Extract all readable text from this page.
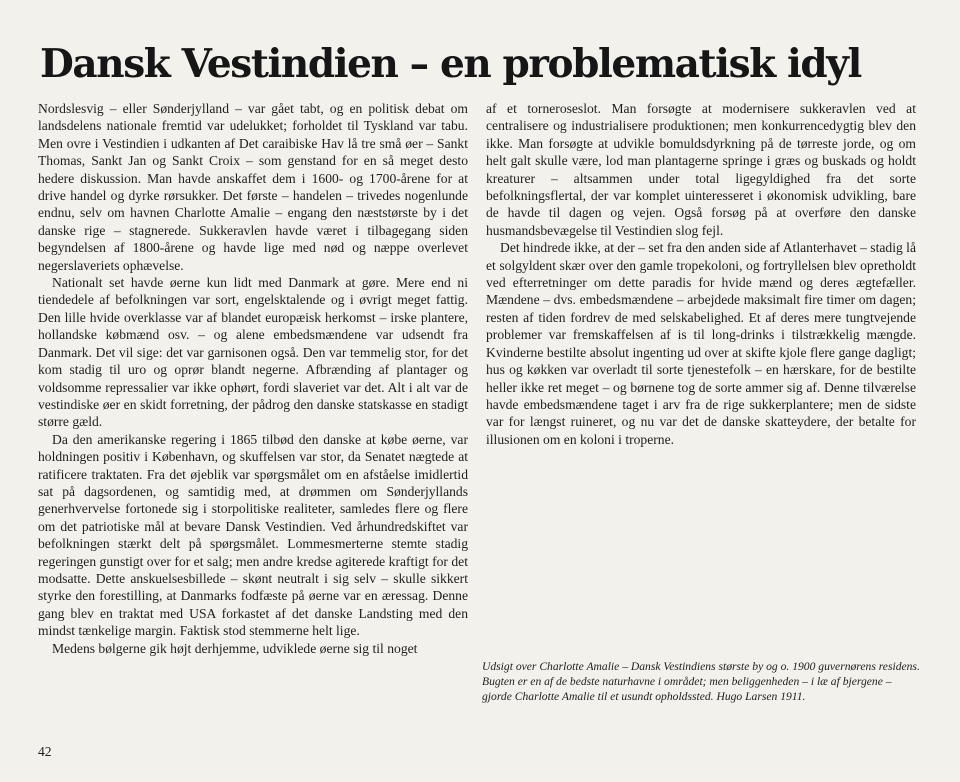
Dansk Vestindien – en problematisk idyl

Nordslesvig – eller Sønderjylland – var gået tabt, og en politisk debat om landsdelens nationale fremtid var udelukket; forholdet til Tyskland var tabu. Men ovre i Vestindien i udkanten af Det caraibiske Hav lå tre små øer – Sankt Thomas, Sankt Jan og Sankt Croix – som genstand for en så meget desto hedere diskussion. Man havde anskaffet dem i 1600- og 1700-årene for at drive handel og dyrke rørsukker. Det første – handelen – trivedes nogenlunde endnu, selv om havnen Charlotte Amalie – engang den næststørste by i det danske rige – stagnerede. Sukkeravlen havde været i tilbagegang siden begyndelsen af 1800-årene og havde lige med nød og næppe overlevet negerslaveriets ophævelse.

Nationalt set havde øerne kun lidt med Danmark at gøre. Mere end ni tiendedele af befolkningen var sort, engelsktalende og i øvrigt meget fattig. Den lille hvide overklasse var af blandet europæisk herkomst – irske plantere, hollandske købmænd osv. – og alene embedsmændene var udsendt fra Danmark. Det vil sige: det var garnisonen også. Den var temmelig stor, for det kom stadig til uro og oprør blandt negerne. Afbrænding af plantager og voldsomme repressalier var ikke ophørt, fordi slaveriet var det. Alt i alt var de vestindiske øer en skidt forretning, der pådrog den danske statskasse en stadigt større gæld.

Da den amerikanske regering i 1865 tilbød den danske at købe øerne, var holdningen positiv i København, og skuffelsen var stor, da Senatet nægtede at ratificere traktaten. Fra det øjeblik var spørgsmålet om en afståelse imidlertid sat på dagsordenen, og samtidig med, at drømmen om Sønderjyllands generhvervelse fortonede sig i storpolitiske realiteter, samledes flere og flere om det patriotiske mål at bevare Dansk Vestindien. Ved århundredskiftet var befolkningen stærkt delt på spørgsmålet. Lommesmerterne stemte stadig regeringen gunstigt over for et salg; men andre kredse agiterede kraftigt for det modsatte. Dette anskuelsesbillede – skønt neutralt i sig selv – skulle sikkert styrke den forestilling, at Danmarks fodfæste på øerne var en æressag. Denne gang blev en traktat med USA forkastet af det danske Landsting med den mindst tænkelige margin. Faktisk stod stemmerne helt lige.

Medens bølgerne gik højt derhjemme, udviklede øerne sig til noget

af et torneroseslot. Man forsøgte at modernisere sukkeravlen ved at centralisere og industrialisere produktionen; men konkurrencedygtig blev den ikke. Man forsøgte at udvikle bomuldsdyrkning på de tørreste jorde, og om helt galt skulle være, lod man plantagerne springe i græs og buskads og holdt kreaturer – altsammen under total ligegyldighed fra det sorte befolkningsflertal, der var komplet uinteresseret i økonomisk udvikling, bare de havde til dagen og vejen. Også forsøg på at overføre den danske husmandsbevægelse til Vestindien slog fejl.

Det hindrede ikke, at der – set fra den anden side af Atlanterhavet – stadig lå et solgyldent skær over den gamle tropekoloni, og fortryllelsen blev opretholdt ved efterretninger om dette paradis for hvide mænd og deres ægtefæller. Mændene – dvs. embedsmændene – arbejdede maksimalt fire timer om dagen; resten af tiden fordrev de med selskabelighed. Et af deres mere tungtvejende problemer var fremskaffelsen af is til long-drinks i tilstrækkelig mængde. Kvinderne bestilte absolut ingenting ud over at skifte kjole flere gange dagligt; hus og køkken var overladt til sorte tjenestefolk – en hærskare, for de bestilte heller ikke ret meget – og børnene tog de sorte ammer sig af. Denne tilværelse havde embedsmændene taget i arv fra de rige sukkerplantere; men de sidste var for længst ruineret, og nu var det de danske skatteydere, der betalte for illusionen om en koloni i troperne.

Udsigt over Charlotte Amalie – Dansk Vestindiens største by og o. 1900 guvernørens residens. Bugten er en af de bedste naturhavne i området; men beliggenheden – i læ af bjergene – gjorde Charlotte Amalie til et usundt opholdssted. Hugo Larsen 1911.

42
